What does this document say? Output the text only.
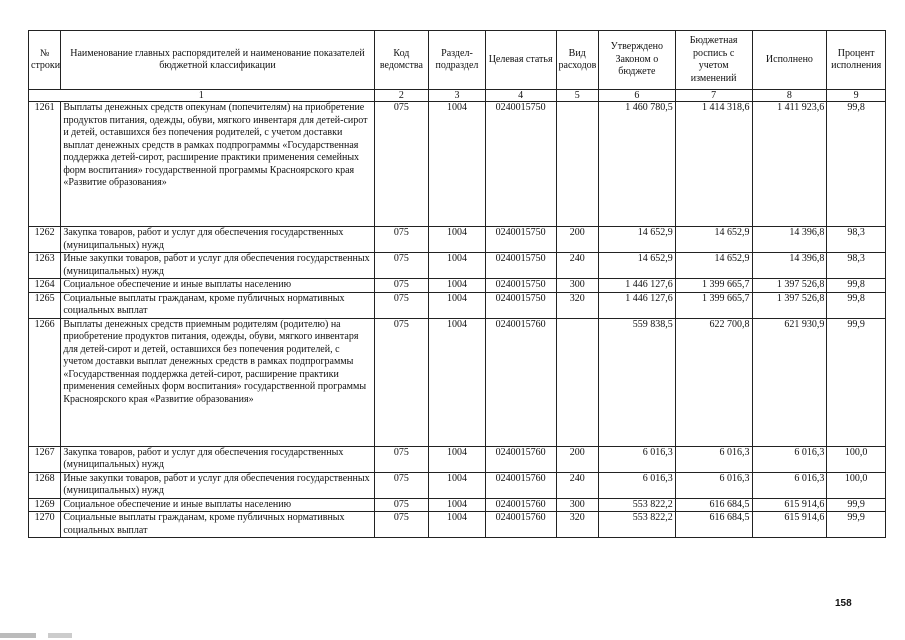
№ строки	Наименование главных распорядителей и наименование показателей бюджетной классификации	Код ведомства	Раздел-подраздел	Целевая статья	Вид расходов	Утверждено Законом о бюджете	Бюджетная роспись с учетом изменений	Исполнено	Процент исполнения
1		2	3	4	5	6	7	8	9
1261	Выплаты денежных средств опекунам (попечителям) на приобретение продуктов питания, одежды, обуви, мягкого инвентаря для детей-сирот и детей, оставшихся без попечения родителей, с учетом доставки выплат денежных средств в рамках подпрограммы «Государственная поддержка детей-сирот, расширение практики применения семейных форм воспитания» государственной программы Красноярского края «Развитие образования»	075	1004	0240015750		1 460 780,5	1 414 318,6	1 411 923,6	99,8
1262	Закупка товаров, работ и услуг для обеспечения государственных (муниципальных) нужд	075	1004	0240015750	200	14 652,9	14 652,9	14 396,8	98,3
1263	Иные закупки товаров, работ и услуг для обеспечения государственных (муниципальных) нужд	075	1004	0240015750	240	14 652,9	14 652,9	14 396,8	98,3
1264	Социальное обеспечение и иные выплаты населению	075	1004	0240015750	300	1 446 127,6	1 399 665,7	1 397 526,8	99,8
1265	Социальные выплаты гражданам, кроме публичных нормативных социальных выплат	075	1004	0240015750	320	1 446 127,6	1 399 665,7	1 397 526,8	99,8
1266	Выплаты денежных средств приемным родителям (родителю) на приобретение продуктов питания, одежды, обуви, мягкого инвентаря для детей-сирот и детей, оставшихся без попечения родителей, с учетом доставки выплат денежных средств в рамках подпрограммы «Государственная поддержка детей-сирот, расширение практики применения семейных форм воспитания» государственной программы Красноярского края «Развитие образования»	075	1004	0240015760		559 838,5	622 700,8	621 930,9	99,9
1267	Закупка товаров, работ и услуг для обеспечения государственных (муниципальных) нужд	075	1004	0240015760	200	6 016,3	6 016,3	6 016,3	100,0
1268	Иные закупки товаров, работ и услуг для обеспечения государственных (муниципальных) нужд	075	1004	0240015760	240	6 016,3	6 016,3	6 016,3	100,0
1269	Социальное обеспечение и иные выплаты населению	075	1004	0240015760	300	553 822,2	616 684,5	615 914,6	99,9
1270	Социальные выплаты гражданам, кроме публичных нормативных социальных выплат	075	1004	0240015760	320	553 822,2	616 684,5	615 914,6	99,9
158
